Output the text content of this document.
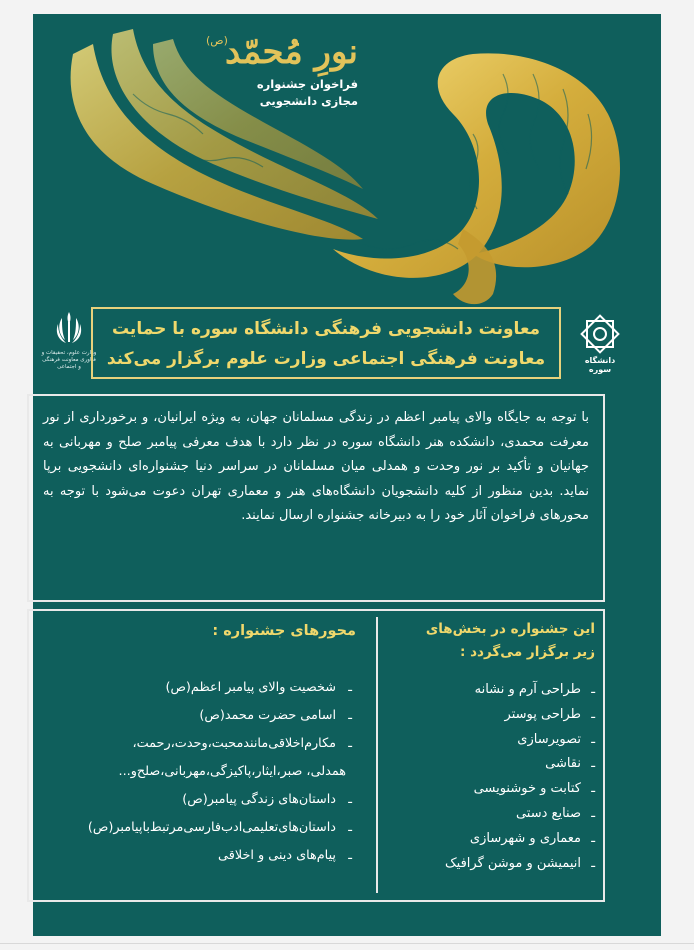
(ص)
نورِ مُحمّد
فراخوان جشنواره
مجازی دانشجویی
وزارت علوم، تحقیقات و فناوری معاونت فرهنگی و اجتماعی
دانشگاه سوره
معاونت دانشجویی فرهنگی دانشگاه سوره با حمایت
معاونت فرهنگی اجتماعی وزارت علوم برگزار می‌کند
با توجه به جایگاه والای پیامبر اعظم در زندگی مسلمانان جهان، به ویژه ایرانیان، و برخورداری از نور معرفت محمدی، دانشکده هنر دانشگاه سوره در نظر دارد با هدف معرفی پیامبر صلح و مهربانی به جهانیان و تأکید بر نور وحدت و همدلی میان مسلمانان در سراسر دنیا جشنواره‌ای دانشجویی برپا نماید. بدین منظور از کلیه دانشجویان دانشگاه‌های هنر و معماری تهران دعوت می‌شود با توجه به محورهای فراخوان آثار خود را به دبیرخانه جشنواره ارسال نمایند.
این جشنواره در بخش‌های
زیر برگزار می‌گردد :
ـطراحی آرم و نشانه
ـطراحی پوستر
ـتصویرسازی
ـنقاشی
ـکتابت و خوشنویسی
ـصنایع دستی
ـمعماری و شهرسازی
ـانیمیشن و موشن گرافیک
محورهای جشنواره :
ـشخصیت والای پیامبر اعظم(ص)
ـاسامی حضرت محمد(ص)
ـمکارم‌اخلاقی‌مانندمحبت،وحدت،رحمت،
همدلی، صبر،ایثار،پاکیزگی،مهربانی،صلح‌و...
ـداستان‌های زندگی پیامبر(ص)
ـداستان‌های‌تعلیمی‌ادب‌فارسی‌مرتبط‌باپیامبر(ص)
ـپیام‌های دینی و اخلاقی
